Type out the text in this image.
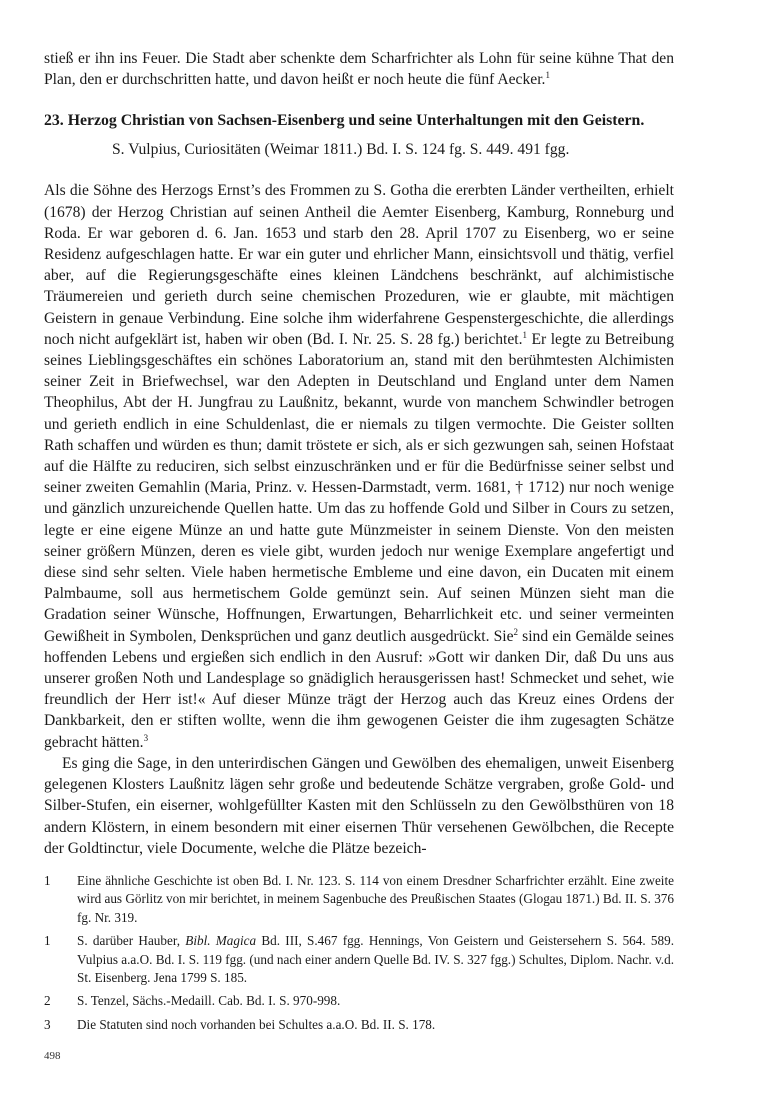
stieß er ihn ins Feuer. Die Stadt aber schenkte dem Scharfrichter als Lohn für seine kühne That den Plan, den er durchschritten hatte, und davon heißt er noch heute die fünf Aecker.$^1$

23. Herzog Christian von Sachsen-Eisenberg und seine Unterhaltungen mit den Geistern.
S. Vulpius, Curiositäten (Weimar 1811.) Bd. I. S. 124 fg. S. 449. 491 fgg.

Als die Söhne des Herzogs Ernst’s des Frommen zu S. Gotha die ererbten Länder vertheilten, erhielt (1678) der Herzog Christian auf seinen Antheil die Aemter Eisenberg, Kamburg, Ronneburg und Roda. Er war geboren d. 6. Jan. 1653 und starb den 28. April 1707 zu Eisenberg, wo er seine Residenz aufgeschlagen hatte. Er war ein guter und ehrlicher Mann, einsichtsvoll und thätig, verfiel aber, auf die Regierungsgeschäfte eines kleinen Ländchens beschränkt, auf alchimistische Träumereien und gerieth durch seine chemischen Prozeduren, wie er glaubte, mit mächtigen Geistern in genaue Verbindung. Eine solche ihm widerfahrene Gespenstergeschichte, die allerdings noch nicht aufgeklärt ist, haben wir oben (Bd. I. Nr. 25. S. 28 fg.) berichtet.$^1$ Er legte zu Betreibung seines Lieblingsgeschäftes ein schönes Laboratorium an, stand mit den berühmtesten Alchimisten seiner Zeit in Briefwechsel, war den Adepten in Deutschland und England unter dem Namen Theophilus, Abt der H. Jungfrau zu Laußnitz, bekannt, wurde von manchem Schwindler betrogen und gerieth endlich in eine Schuldenlast, die er niemals zu tilgen vermochte. Die Geister sollten Rath schaffen und würden es thun; damit tröstete er sich, als er sich gezwungen sah, seinen Hofstaat auf die Hälfte zu reduciren, sich selbst einzuschränken und er für die Bedürfnisse seiner selbst und seiner zweiten Gemahlin (Maria, Prinz. v. Hessen-Darmstadt, verm. 1681, † 1712) nur noch wenige und gänzlich unzureichende Quellen hatte. Um das zu hoffende Gold und Silber in Cours zu setzen, legte er eine eigene Münze an und hatte gute Münzmeister in seinem Dienste. Von den meisten seiner größern Münzen, deren es viele gibt, wurden jedoch nur wenige Exemplare angefertigt und diese sind sehr selten. Viele haben hermetische Embleme und eine davon, ein Ducaten mit einem Palmbaume, soll aus hermetischem Golde gemünzt sein. Auf seinen Münzen sieht man die Gradation seiner Wünsche, Hoffnungen, Erwartungen, Beharrlichkeit etc. und seiner vermeinten Gewißheit in Symbolen, Denksprüchen und ganz deutlich ausgedrückt. Sie$^2$ sind ein Gemälde seines hoffenden Lebens und ergießen sich endlich in den Ausruf: »Gott wir danken Dir, daß Du uns aus unserer großen Noth und Landesplage so gnädiglich herausgerissen hast! Schmecket und sehet, wie freundlich der Herr ist!« Auf dieser Münze trägt der Herzog auch das Kreuz eines Ordens der Dankbarkeit, den er stiften wollte, wenn die ihm gewogenen Geister die ihm zugesagten Schätze gebracht hätten.$^3$

Es ging die Sage, in den unterirdischen Gängen und Gewölben des ehemaligen, unweit Eisenberg gelegenen Klosters Laußnitz lägen sehr große und bedeutende Schätze vergraben, große Gold- und Silber-Stufen, ein eiserner, wohlgefüllter Kasten mit den Schlüsseln zu den Gewölbsthüren von 18 andern Klöstern, in einem besondern mit einer eisernen Thür versehenen Gewölbchen, die Recepte der Goldtinctur, viele Documente, welche die Plätze bezeich-

1	Eine ähnliche Geschichte ist oben Bd. I. Nr. 123. S. 114 von einem Dresdner Scharfrichter erzählt. Eine zweite wird aus Görlitz von mir berichtet, in meinem Sagenbuche des Preußischen Staates (Glogau 1871.) Bd. II. S. 376 fg. Nr. 319.
1	S. darüber Hauber, Bibl. Magica Bd. III, S.467 fgg. Hennings, Von Geistern und Geistersehern S. 564. 589. Vulpius a.a.O. Bd. I. S. 119 fgg. (und nach einer andern Quelle Bd. IV. S. 327 fgg.) Schultes, Diplom. Nachr. v.d. St. Eisenberg. Jena 1799 S. 185.
2	S. Tenzel, Sächs.-Medaill. Cab. Bd. I. S. 970-998.
3	Die Statuten sind noch vorhanden bei Schultes a.a.O. Bd. II. S. 178.
498
